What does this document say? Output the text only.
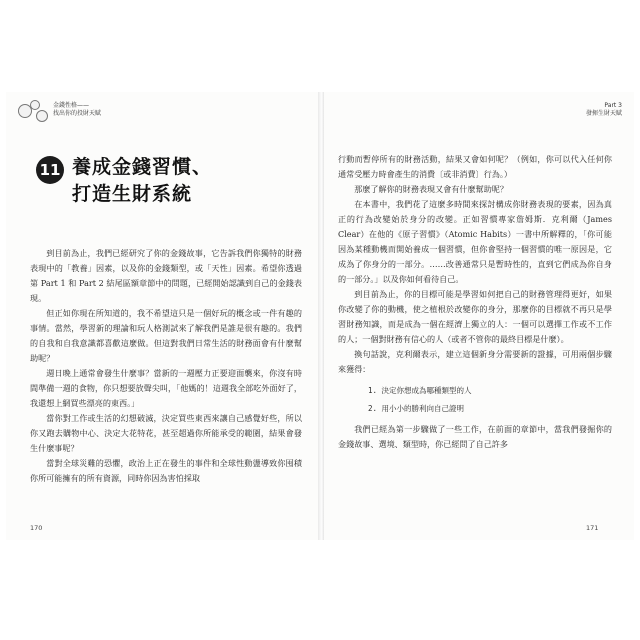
金錢性格——
找出你的投財天賦
11 養成金錢習慣、
打造生財系統

到目前為止，我們已經研究了你的金錢故事，它告訴我們你獨特的財務表現中的「教養」因素，以及你的金錢類型，或「天性」因素。希望你透過第 Part 1 和 Part 2 結尾區額章節中的問題，已經開始認識到自己的金錢表現。

但正如你現在所知道的，我不希望這只是一個好玩的概念或一件有趣的事情。當然，學習新的理論和玩人格測試來了解我們是誰是很有趣的。我們的自我和自我意識都喜歡這麼做。但這對我們日常生活的財務面會有什麼幫助呢？

週日晚上通常會發生什麼事？當新的一週壓力正要迎面襲來，你沒有時間準備一週的食物，你只想要放聲尖叫，「他媽的！這週我全部吃外面好了，我還想上網買些漂亮的東西。」

當你對工作或生活的幻想破滅，決定買些東西來讓自己感覺好些，所以你又跑去購物中心、決定大花特花，甚至超過你所能承受的範圍，結果會發生什麼事呢？

當對全球災難的恐懼，政治上正在發生的事件和全球性動盪導致你囤積你所可能擁有的所有資源，同時你因為害怕採取

Part 3
發揮生財天賦

行動而暫停所有的財務活動，結果又會如何呢？（例如，你可以代入任何你通常受壓力時會產生的消費〔或非消費〕行為。）

那麼了解你的財務表現又會有什麼幫助呢？

在本書中，我們花了這麼多時間來探討構成你財務表現的要素，因為真正的行為改變始於身分的改變。正如習慣專家詹姆斯．克利爾（James Clear）在他的《原子習慣》（Atomic Habits）一書中所解釋的，「你可能因為某種動機而開始養成一個習慣，但你會堅持一個習慣的唯一原因是，它成為了你身分的一部分。……改善通常只是暫時性的，直到它們成為你自身的一部分。」以及你如何看待自己。

到目前為止，你的目標可能是學習如何把自己的財務管理得更好，如果你改變了你的動機，使之植根於改變你的身分，那麼你的目標就不再只是學習財務知識，而是成為一個在經濟上獨立的人：一個可以選擇工作或不工作的人；一個對財務有信心的人（或者不管你的最終目標是什麼）。

換句話說，克利爾表示，建立這個新身分需要新的證據，可用兩個步驟來獲得：

1. 決定你想成為哪種類型的人
2. 用小小的勝利向自己證明

我們已經為第一步驟做了一些工作，在前面的章節中，當我們發掘你的金錢故事、選境、類型時，你已經問了自己許多

170	171
